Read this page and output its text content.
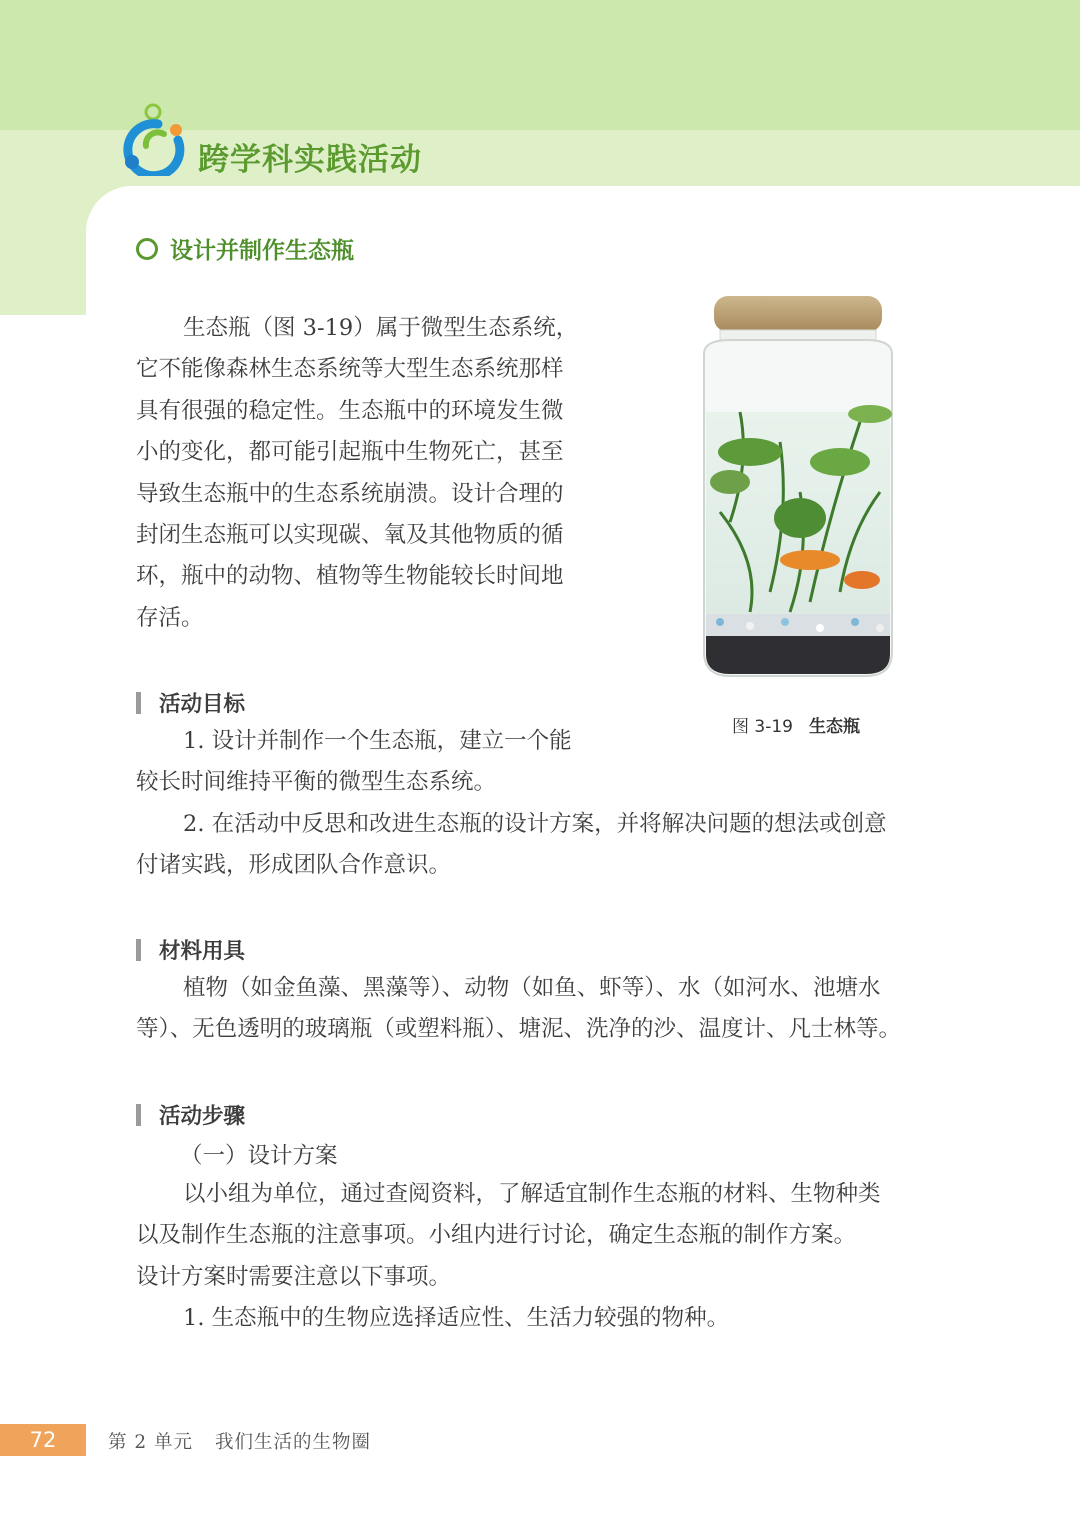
跨学科实践活动
设计并制作生态瓶

生态瓶（图 3-19）属于微型生态系统，
它不能像森林生态系统等大型生态系统那样
具有很强的稳定性。生态瓶中的环境发生微
小的变化，都可能引起瓶中生物死亡，甚至
导致生态瓶中的生态系统崩溃。设计合理的
封闭生态瓶可以实现碳、氧及其他物质的循
环，瓶中的动物、植物等生物能较长时间地
存活。

图 3-19 生态瓶
活动目标

1. 设计并制作一个生态瓶，建立一个能
较长时间维持平衡的微型生态系统。
2. 在活动中反思和改进生态瓶的设计方案，并将解决问题的想法或创意
付诸实践，形成团队合作意识。

材料用具

植物（如金鱼藻、黑藻等）、动物（如鱼、虾等）、水（如河水、池塘水
等）、无色透明的玻璃瓶（或塑料瓶）、塘泥、洗净的沙、温度计、凡士林等。

活动步骤
（一）设计方案

以小组为单位，通过查阅资料，了解适宜制作生态瓶的材料、生物种类
以及制作生态瓶的注意事项。小组内进行讨论，确定生态瓶的制作方案。
设计方案时需要注意以下事项。
1. 生态瓶中的生物应选择适应性、生活力较强的物种。

72	第 2 单元 我们生活的生物圈
